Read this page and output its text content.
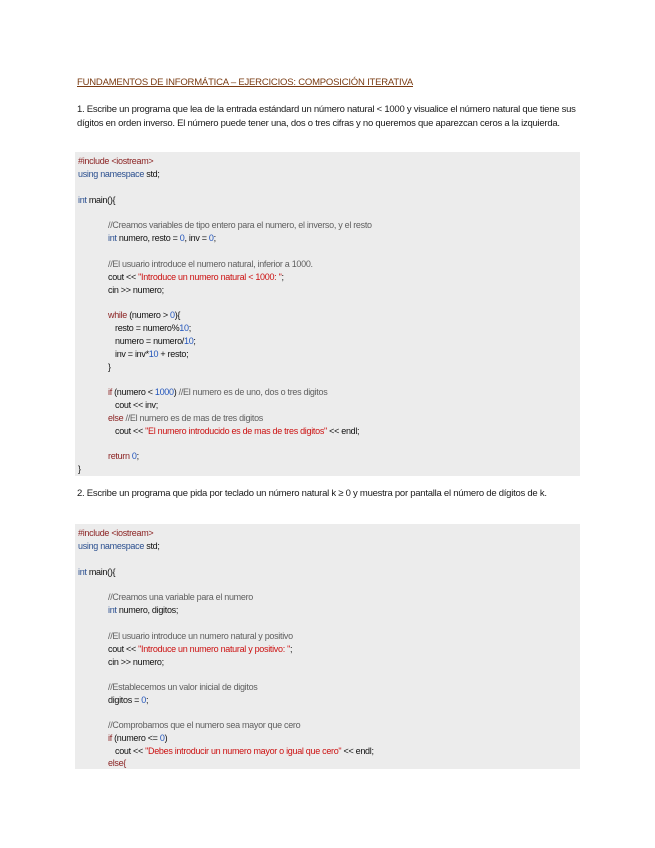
FUNDAMENTOS DE INFORMÁTICA – EJERCICIOS: COMPOSICIÓN ITERATIVA
1. Escribe un programa que lea de la entrada estándard un número natural < 1000 y visualice el número natural que tiene sus dígitos en orden inverso. El número puede tener una, dos o tres cifras y no queremos que aparezcan ceros a la izquierda.
#include <iostream>
using namespace std;
int main(){
//Creamos variables de tipo entero para el numero, el inverso, y el resto
int numero, resto = 0, inv = 0;
//El usuario introduce el numero natural, inferior a 1000.
cout << "Introduce un numero natural < 1000: ";
cin >> numero;
while (numero > 0){
resto = numero%10;
numero = numero/10;
inv = inv*10 + resto;
}
if (numero < 1000) //El numero es de uno, dos o tres digitos
cout << inv;
else //El numero es de mas de tres digitos
cout << "El numero introducido es de mas de tres digitos" << endl;
return 0;
}
2. Escribe un programa que pida por teclado un número natural k ≥ 0 y muestra por pantalla el número de dígitos de k.
#include <iostream>
using namespace std;
int main(){
//Creamos una variable para el numero
int numero, digitos;
//El usuario introduce un numero natural y positivo
cout << "Introduce un numero natural y positivo: ";
cin >> numero;
//Establecemos un valor inicial de digitos
digitos = 0;
//Comprobamos que el numero sea mayor que cero
if (numero <= 0)
cout << "Debes introducir un numero mayor o igual que cero" << endl;
else{
